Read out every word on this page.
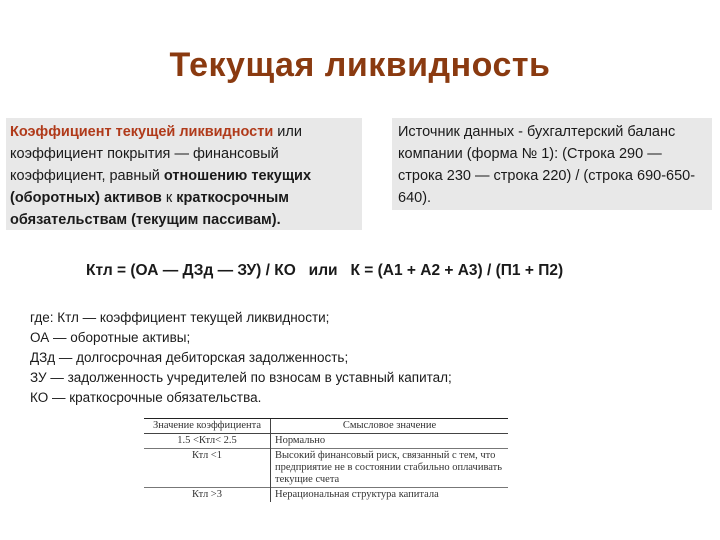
Текущая ликвидность
Коэффициент текущей ликвидности или коэффициент покрытия — финансовый коэффициент, равный отношению текущих (оборотных) активов к краткосрочным обязательствам (текущим пассивам).
Источник данных - бухгалтерский баланс компании (форма № 1): (Строка 290 — строка 230 — строка 220) / (строка 690-650-640).
Ктл = (ОА — ДЗд — ЗУ) / КО   или   К = (А1 + А2 + А3) / (П1 + П2)
где: Ктл — коэффициент текущей ликвидности;
ОА — оборотные активы;
ДЗд — долгосрочная дебиторская задолженность;
ЗУ — задолженность учредителей по взносам в уставный капитал;
КО — краткосрочные обязательства.
Значение коэффициента	Смысловое значение
1.5 <Ктл< 2.5	Нормально
Ктл <1	Высокий финансовый риск, связанный с тем, что предприятие не в состоянии стабильно оплачивать текущие счета
Ктл >3	Нерациональная структура капитала
